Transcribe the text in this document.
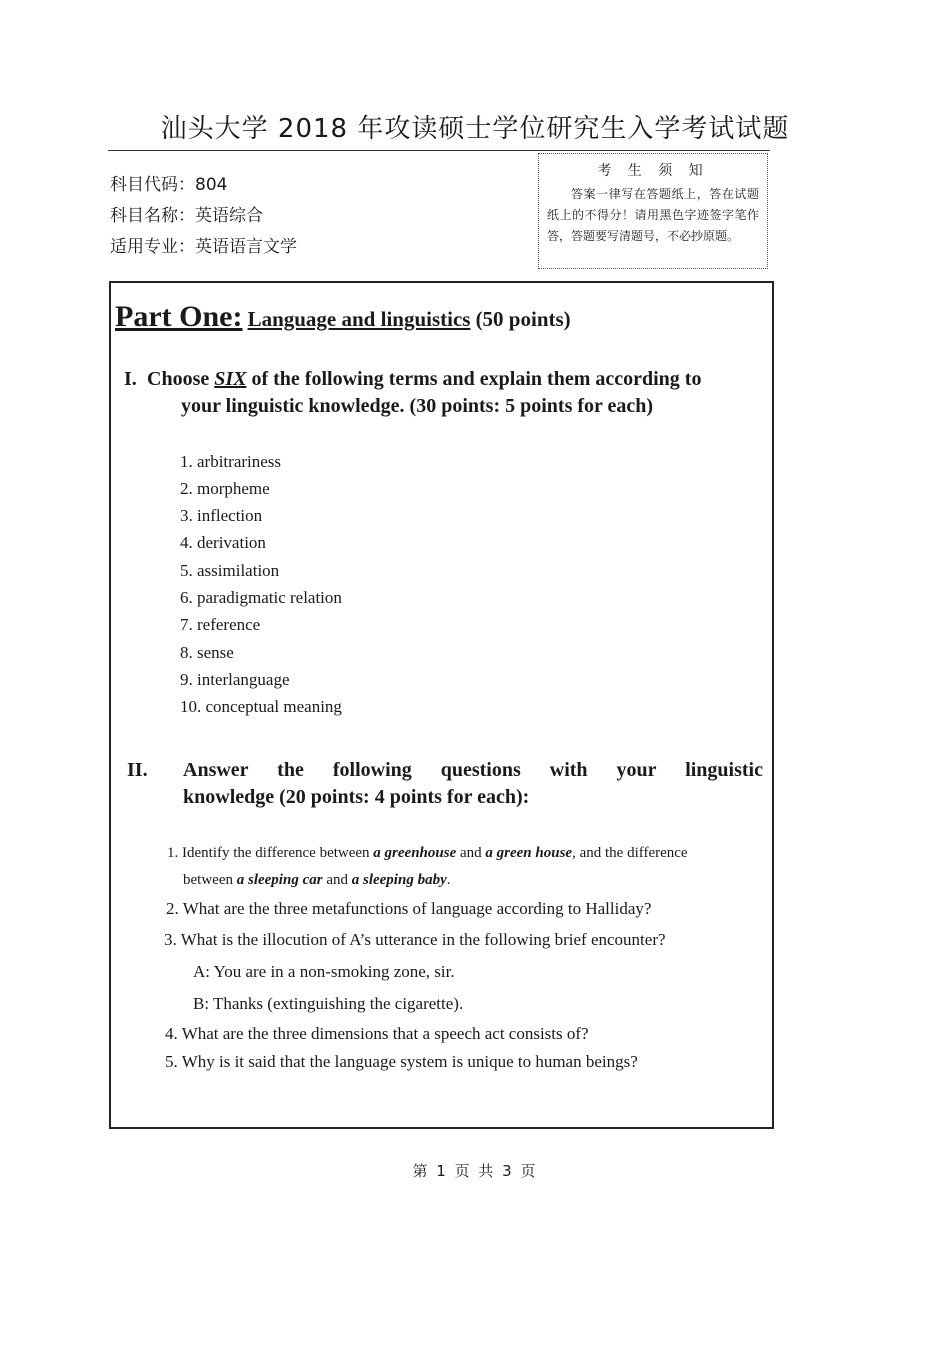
汕头大学 2018 年攻读硕士学位研究生入学考试试题
科目代码：804
科目名称：英语综合
适用专业：英语语言文学
考 生 须 知
答案一律写在答题纸上，答在试题纸上的不得分！请用黑色字迹签字笔作答，答题要写清题号，不必抄原题。
Part One: Language and linguistics (50 points)
I. Choose SIX of the following terms and explain them according to
your linguistic knowledge. (30 points: 5 points for each)
1. arbitrariness
2. morpheme
3. inflection
4. derivation
5. assimilation
6. paradigmatic relation
7. reference
8. sense
9. interlanguage
10. conceptual meaning
II. Answer the following questions with your linguistic
knowledge (20 points: 4 points for each):
1. Identify the difference between a greenhouse and a green house, and the difference
between a sleeping car and a sleeping baby.
2. What are the three metafunctions of language according to Halliday?
3. What is the illocution of A’s utterance in the following brief encounter?
A: You are in a non-smoking zone, sir.
B: Thanks (extinguishing the cigarette).
4. What are the three dimensions that a speech act consists of?
5. Why is it said that the language system is unique to human beings?
第 1 页 共 3 页
